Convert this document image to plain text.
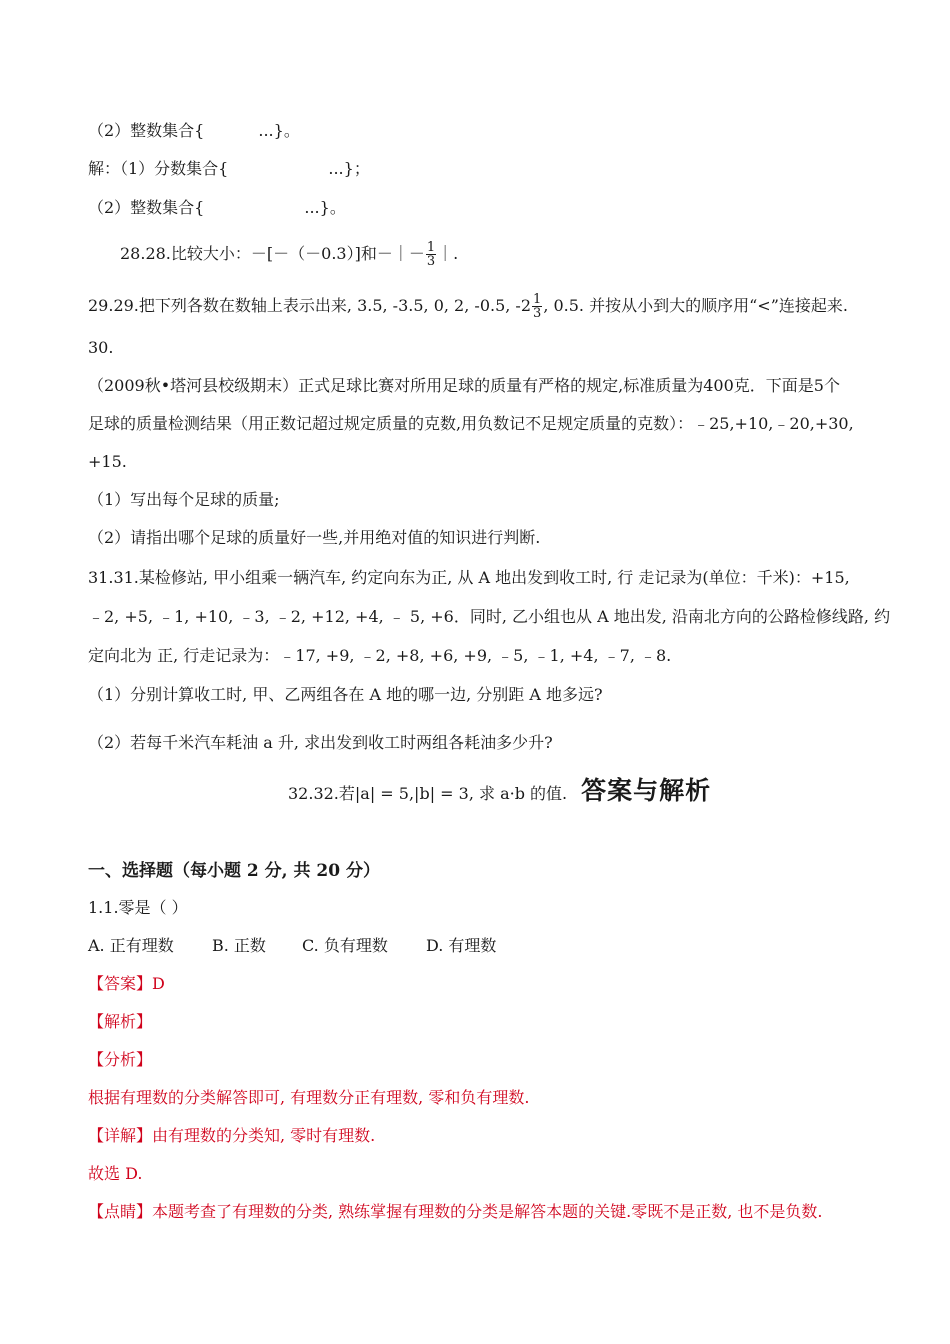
（2）整数集合{	...}。
解：（1）分数集合{	...}；
（2）整数集合{	...}。
28.28.比较大小：－[－（－0.3）]和－｜－ $\frac{1}{3}$ ｜.
29.29.把下列各数在数轴上表示出来, 3.5, -3.5, 0, 2, -0.5, $-2 \frac{1}{3}$ , 0.5. 并按从小到大的顺序用“<”连接起来.
30.
（2009秋•塔河县校级期末）正式足球比赛对所用足球的质量有严格的规定,标准质量为400克．下面是5个
足球的质量检测结果（用正数记超过规定质量的克数,用负数记不足规定质量的克数）：﹣25,+10,﹣20,+30,
+15.
（1）写出每个足球的质量;
（2）请指出哪个足球的质量好一些,并用绝对值的知识进行判断.
31.31.某检修站, 甲小组乘一辆汽车, 约定向东为正, 从 A 地出发到收工时, 行 走记录为(单位：千米)：+15,
﹣2, +5, ﹣1, +10, ﹣3, ﹣2, +12, +4, ﹣ 5, +6．同时, 乙小组也从 A 地出发, 沿南北方向的公路检修线路, 约
定向北为 正, 行走记录为：﹣17, +9, ﹣2, +8, +6, +9, ﹣5, ﹣1, +4, ﹣7, ﹣8.
（1）分别计算收工时, 甲、乙两组各在 A 地的哪一边, 分别距 A 地多远?
（2）若每千米汽车耗油 a 升, 求出发到收工时两组各耗油多少升?
32.32.若|a| = 5,|b| = 3, 求 a·b 的值. 答案与解析
一、选择题（每小题 2 分, 共 20 分）
1.1.零是（ ）
A. 正有理数 B. 正数 C. 负有理数 D. 有理数
【答案】D
【解析】
【分析】
根据有理数的分类解答即可, 有理数分正有理数, 零和负有理数.
【详解】由有理数的分类知, 零时有理数.
故选 D.
【点睛】本题考查了有理数的分类, 熟练掌握有理数的分类是解答本题的关键.零既不是正数, 也不是负数.
